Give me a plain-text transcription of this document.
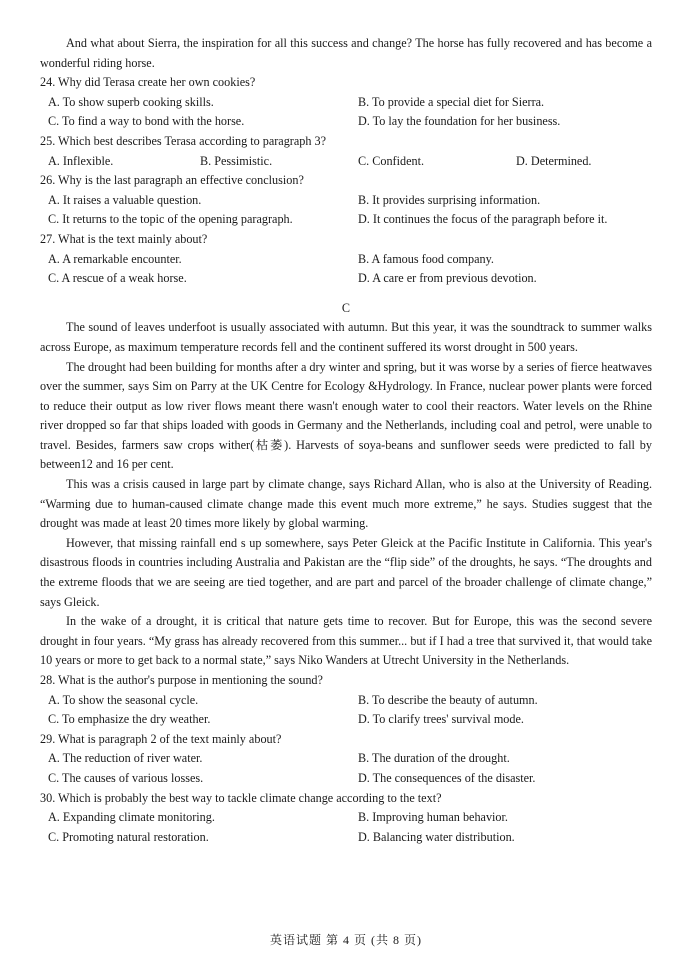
And what about Sierra, the inspiration for all this success and change? The horse has fully recovered and has become a wonderful riding horse.

24. Why did Terasa create her own cookies?
A. To show superb cooking skills.	B. To provide a special diet for Sierra.
C. To find a way to bond with the horse.	D. To lay the foundation for her business.
25. Which best describes Terasa according to paragraph 3?
A. Inflexible.	B. Pessimistic.	C. Confident.	D. Determined.
26. Why is the last paragraph an effective conclusion?
A. It raises a valuable question.	B. It provides surprising information.
C. It returns to the topic of the opening paragraph.	D. It continues the focus of the paragraph before it.
27. What is the text mainly about?
A. A remarkable encounter.	B. A famous food company.
C. A rescue of a weak horse.	D. A care er from previous devotion.
C

The sound of leaves underfoot is usually associated with autumn. But this year, it was the soundtrack to summer walks across Europe, as maximum temperature records fell and the continent suffered its worst drought in 500 years.

The drought had been building for months after a dry winter and spring, but it was worse by a series of fierce heatwaves over the summer, says Sim on Parry at the UK Centre for Ecology &Hydrology. In France, nuclear power plants were forced to reduce their output as low river flows meant there wasn't enough water to cool their reactors. Water levels on the Rhine river dropped so far that ships loaded with goods in Germany and the Netherlands, including coal and petrol, were unable to travel. Besides, farmers saw crops wither(枯萎). Harvests of soya-beans and sunflower seeds were predicted to fall by between12 and 16 per cent.

This was a crisis caused in large part by climate change, says Richard Allan, who is also at the University of Reading. “Warming due to human-caused climate change made this event much more extreme,” he says. Studies suggest that the drought was made at least 20 times more likely by global warming.

However, that missing rainfall end s up somewhere, says Peter Gleick at the Pacific Institute in California. This year's disastrous floods in countries including Australia and Pakistan are the “flip side” of the droughts, he says. “The droughts and the extreme floods that we are seeing are tied together, and are part and parcel of the broader challenge of climate change,” says Gleick.

In the wake of a drought, it is critical that nature gets time to recover. But for Europe, this was the second severe drought in four years. “My grass has already recovered from this summer... but if I had a tree that survived it, that would take 10 years or more to get back to a normal state,” says Niko Wanders at Utrecht University in the Netherlands.

28. What is the author's purpose in mentioning the sound?
A. To show the seasonal cycle.	B. To describe the beauty of autumn.
C. To emphasize the dry weather.	D. To clarify trees' survival mode.
29. What is paragraph 2 of the text mainly about?
A. The reduction of river water.	B. The duration of the drought.
C. The causes of various losses.	D. The consequences of the disaster.
30. Which is probably the best way to tackle climate change according to the text?
A. Expanding climate monitoring.	B. Improving human behavior.
C. Promoting natural restoration.	D. Balancing water distribution.
英语试题 第 4 页 (共 8 页)
